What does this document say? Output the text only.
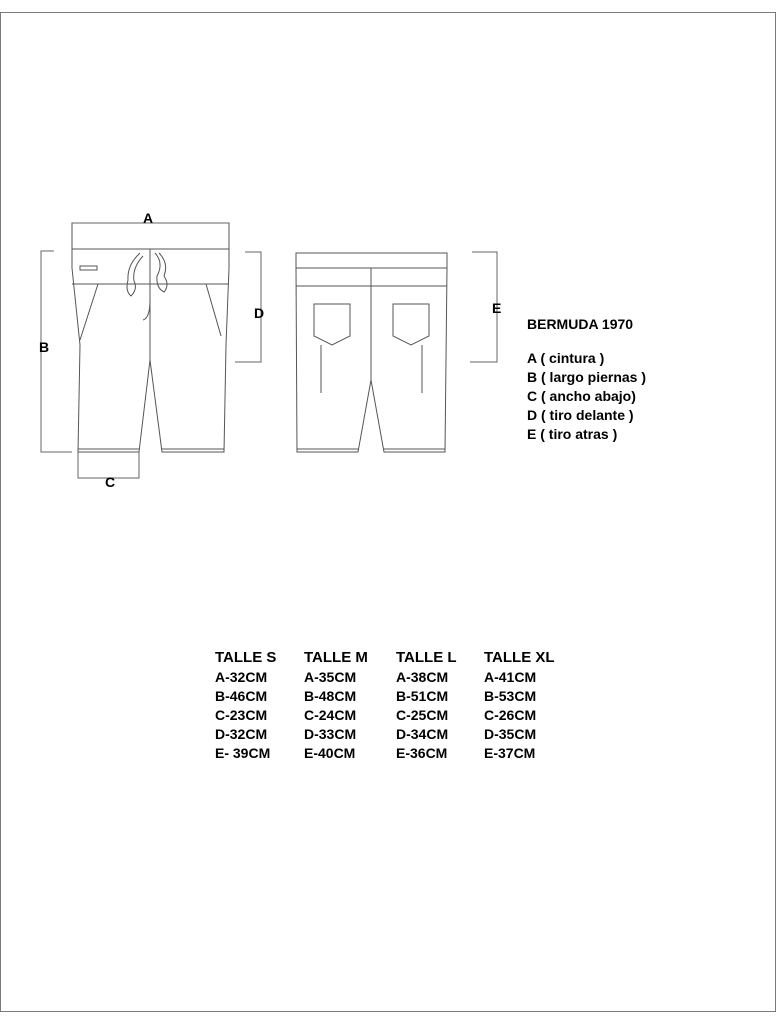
A
B
C
D	E
BERMUDA 1970
A ( cintura )
B ( largo piernas )
C ( ancho abajo)
D ( tiro delante )
E ( tiro atras )
TALLE S
A-32CM
B-46CM
C-23CM
D-32CM
E- 39CM
TALLE M
A-35CM
B-48CM
C-24CM
D-33CM
E-40CM
TALLE L
A-38CM
B-51CM
C-25CM
D-34CM
E-36CM
TALLE XL
A-41CM
B-53CM
C-26CM
D-35CM
E-37CM
